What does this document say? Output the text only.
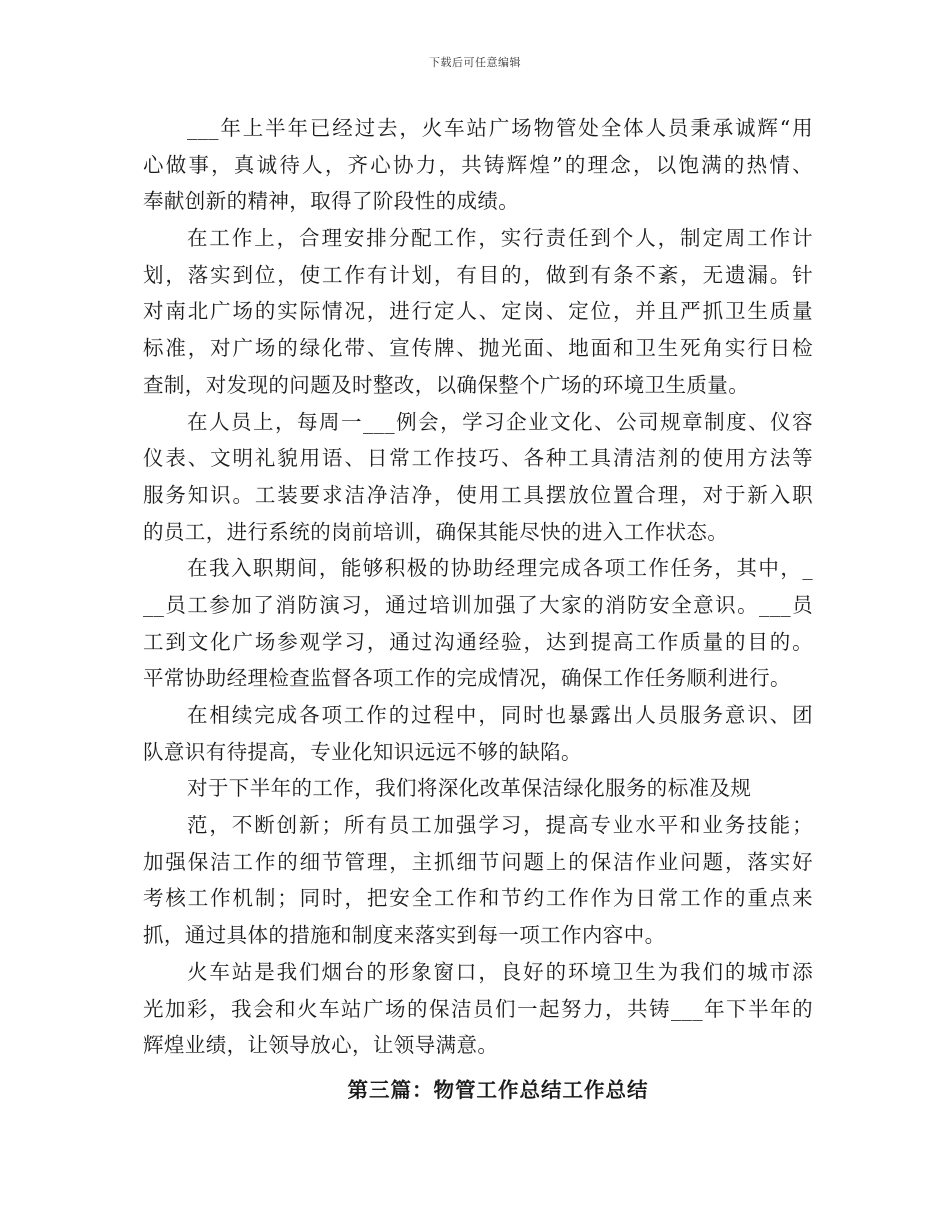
下载后可任意编辑
___年上半年已经过去，火车站广场物管处全体人员秉承诚辉“用
心做事，真诚待人，齐心协力，共铸辉煌”的理念，以饱满的热情、
奉献创新的精神，取得了阶段性的成绩。
在工作上，合理安排分配工作，实行责任到个人，制定周工作计
划，落实到位，使工作有计划，有目的，做到有条不紊，无遗漏。针
对南北广场的实际情况，进行定人、定岗、定位，并且严抓卫生质量
标准，对广场的绿化带、宣传牌、抛光面、地面和卫生死角实行日检
查制，对发现的问题及时整改，以确保整个广场的环境卫生质量。
在人员上，每周一___例会，学习企业文化、公司规章制度、仪容
仪表、文明礼貌用语、日常工作技巧、各种工具清洁剂的使用方法等
服务知识。工装要求洁净洁净，使用工具摆放位置合理，对于新入职
的员工，进行系统的岗前培训，确保其能尽快的进入工作状态。
在我入职期间，能够积极的协助经理完成各项工作任务，其中，_
__员工参加了消防演习，通过培训加强了大家的消防安全意识。___员
工到文化广场参观学习，通过沟通经验，达到提高工作质量的目的。
平常协助经理检查监督各项工作的完成情况，确保工作任务顺利进行。
在相续完成各项工作的过程中，同时也暴露出人员服务意识、团
队意识有待提高，专业化知识远远不够的缺陷。
对于下半年的工作，我们将深化改革保洁绿化服务的标准及规
范，不断创新；所有员工加强学习，提高专业水平和业务技能；
加强保洁工作的细节管理，主抓细节问题上的保洁作业问题，落实好
考核工作机制；同时，把安全工作和节约工作作为日常工作的重点来
抓，通过具体的措施和制度来落实到每一项工作内容中。
火车站是我们烟台的形象窗口，良好的环境卫生为我们的城市添
光加彩，我会和火车站广场的保洁员们一起努力，共铸___年下半年的
辉煌业绩，让领导放心，让领导满意。
第三篇：物管工作总结工作总结
